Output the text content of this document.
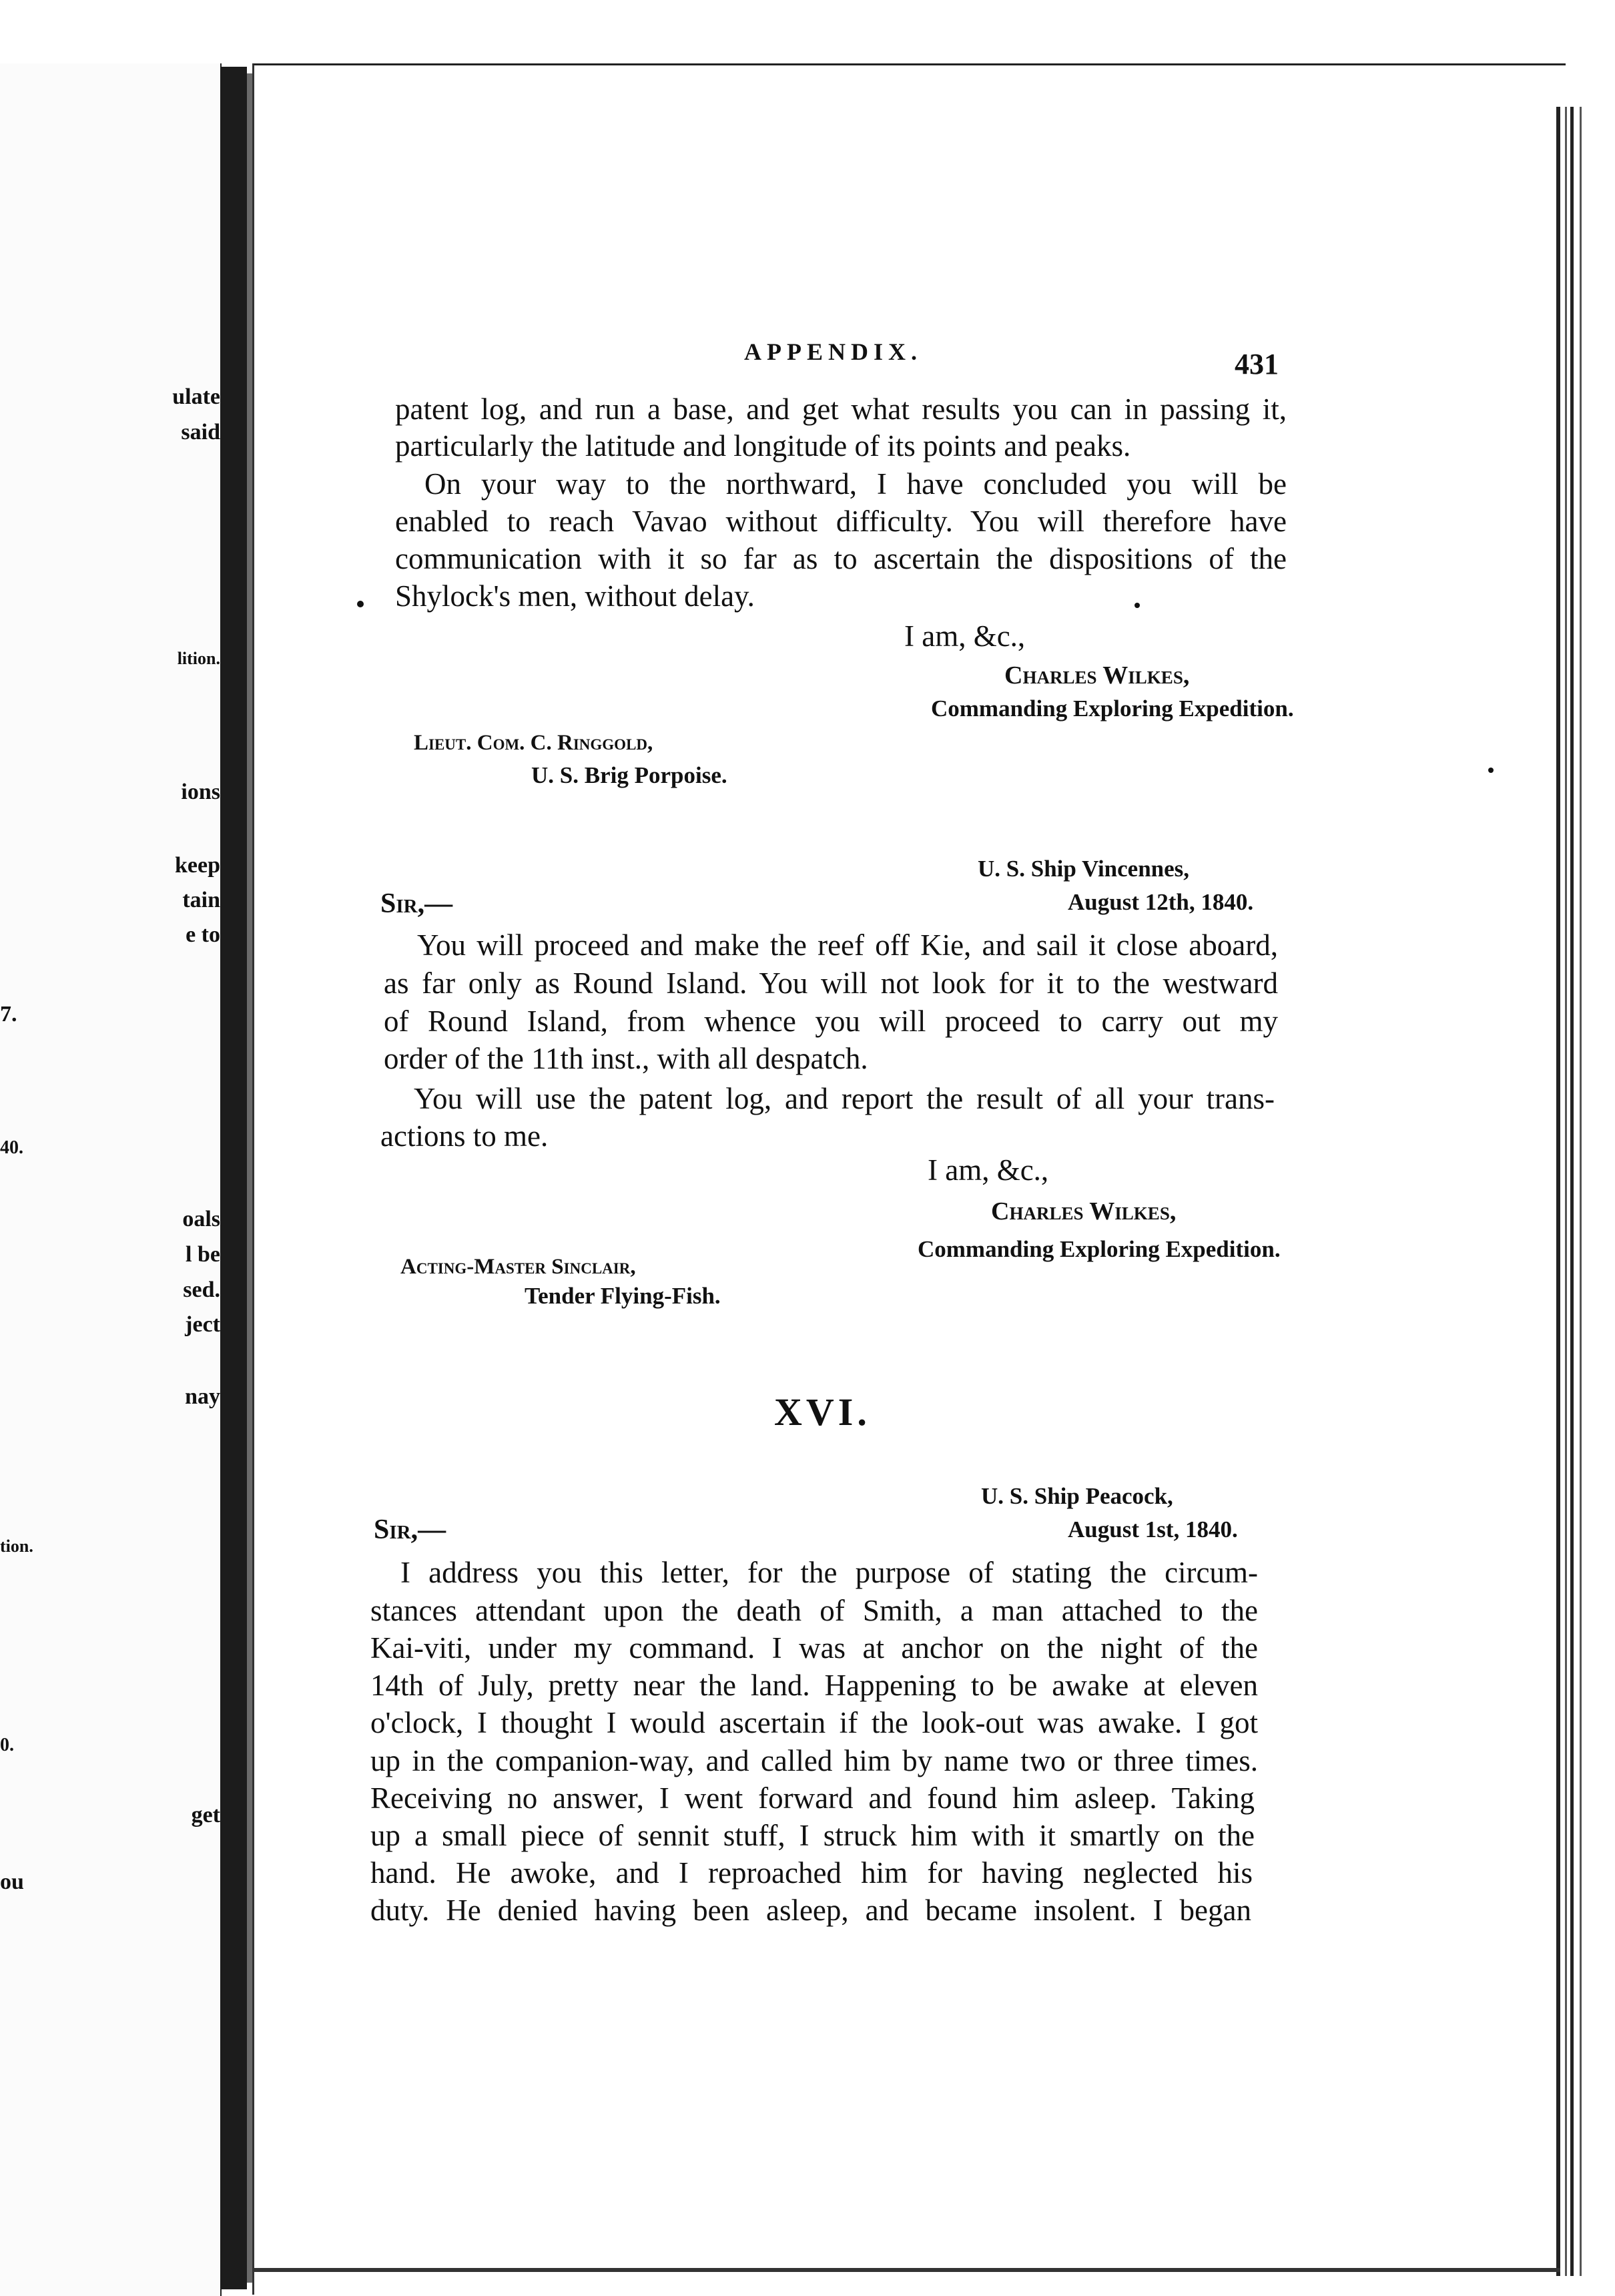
ulate
said
lition.
ions
keep
tain
e to
7.
40.
oals
l be
sed.
ject
nay
tion.
0.
get
ou
APPENDIX.	431
patent log, and run a base, and get what results you can in passing it,
particularly the latitude and longitude of its points and peaks.
On your way to the northward, I have concluded you will be
enabled to reach Vavao without difficulty. You will therefore have
communication with it so far as to ascertain the dispositions of the
Shylock's men, without delay.
I am, &c.,
Charles Wilkes,
Commanding Exploring Expedition.
Lieut. Com. C. Ringgold,
U. S. Brig Porpoise.
U. S. Ship Vincennes,
August 12th, 1840.
Sir,—
You will proceed and make the reef off Kie, and sail it close aboard,
as far only as Round Island. You will not look for it to the westward
of Round Island, from whence you will proceed to carry out my
order of the 11th inst., with all despatch.
You will use the patent log, and report the result of all your trans-
actions to me.
I am, &c.,
Charles Wilkes,
Commanding Exploring Expedition.
Acting-Master Sinclair,
Tender Flying-Fish.
XVI.
U. S. Ship Peacock,
August 1st, 1840.
Sir,—
I address you this letter, for the purpose of stating the circum-
stances attendant upon the death of Smith, a man attached to the
Kai-viti, under my command. I was at anchor on the night of the
14th of July, pretty near the land. Happening to be awake at eleven
o'clock, I thought I would ascertain if the look-out was awake. I got
up in the companion-way, and called him by name two or three times.
Receiving no answer, I went forward and found him asleep. Taking
up a small piece of sennit stuff, I struck him with it smartly on the
hand. He awoke, and I reproached him for having neglected his
duty. He denied having been asleep, and became insolent. I began
